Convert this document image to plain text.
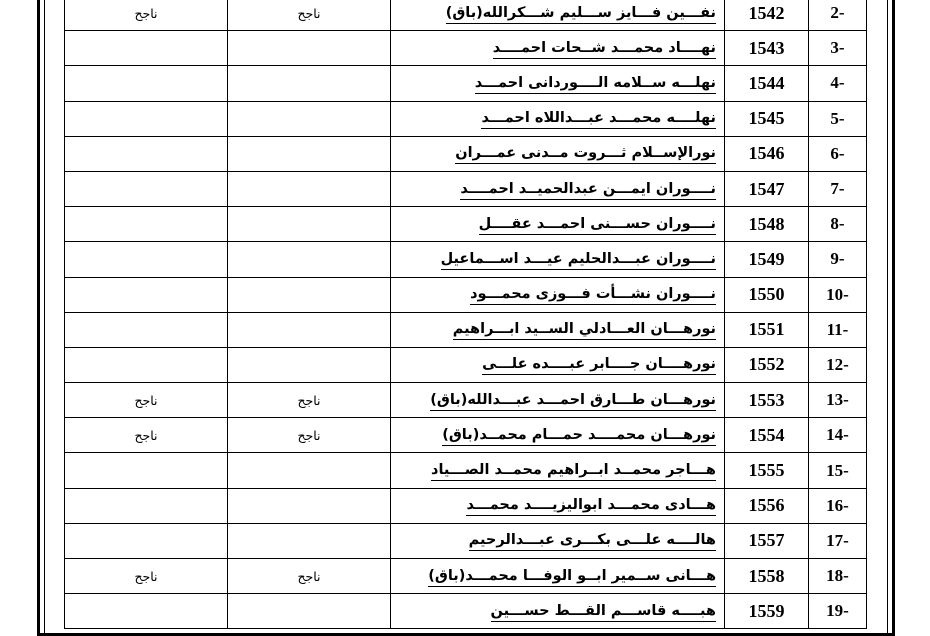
2-	1542	نفـــين فـــايز ســـليم شـــكرالله(باق)	ناجح	ناجح
3-	1543	نهــــاد محمـــد شــحات احمــــد		
4-	1544	نهلـــه ســلامه الــــوردانى احمـــد		
5-	1545	نهلــــه محمـــد عبـــداللاه احمـــد		
6-	1546	نورالإســلام ثـــروت مــدنى عمـــران		
7-	1547	نــــوران ايمـــن عبدالحميــد احمــــد		
8-	1548	نــــوران حســـنى احمـــد عقــــل		
9-	1549	نــــوران عبـــدالحليم عيـــد اســـماعيل		
10-	1550	نــــوران نشـــأت فـــوزى محمـــود		
11-	1551	نورهـــان العـــادلي الســيد ابـــراهيم		
12-	1552	نورهــــان جــــابر عبــــده علـــى		
13-	1553	نورهـــان طـــارق احمـــد عبـــدالله(باق)	ناجح	ناجح
14-	1554	نورهـــان محمــــد حمـــام محمــد(باق)	ناجح	ناجح
15-	1555	هـــاجر محمــد ابــراهيم محمــد الصـــياد		
16-	1556	هـــادى محمـــد ابواليزيــــد محمـــد		
17-	1557	هالــــه علـــى بكـــرى عبـــدالرحيم		
18-	1558	هـــانى ســمير ابــو الوفـــا محمـــد(باق)	ناجح	ناجح
19-	1559	هبــــه قاســـم القـــط حســـين		
